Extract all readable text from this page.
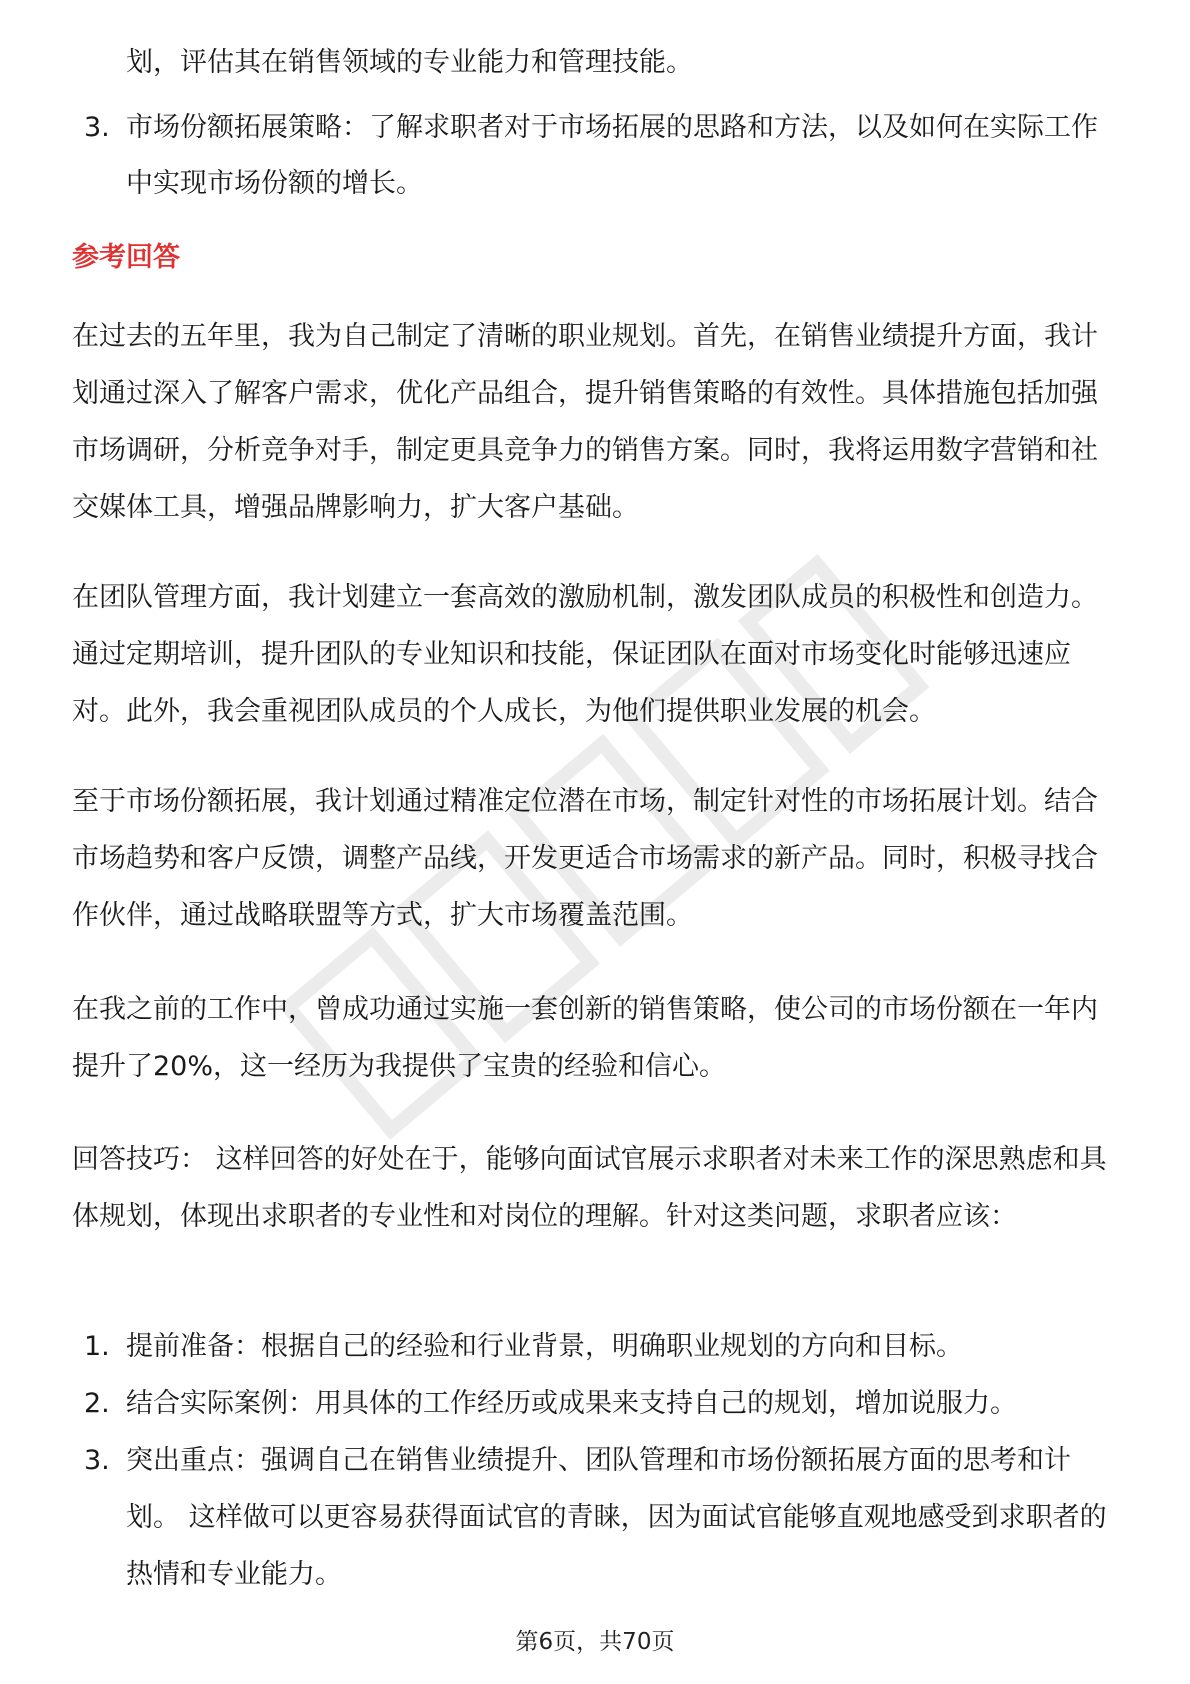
划，评估其在销售领域的专业能力和管理技能。

3. 市场份额拓展策略：了解求职者对于市场拓展的思路和方法，以及如何在实际工作中实现市场份额的增长。
参考回答

在过去的五年里，我为自己制定了清晰的职业规划。首先，在销售业绩提升方面，我计划通过深入了解客户需求，优化产品组合，提升销售策略的有效性。具体措施包括加强市场调研，分析竞争对手，制定更具竞争力的销售方案。同时，我将运用数字营销和社交媒体工具，增强品牌影响力，扩大客户基础。

在团队管理方面，我计划建立一套高效的激励机制，激发团队成员的积极性和创造力。通过定期培训，提升团队的专业知识和技能，保证团队在面对市场变化时能够迅速应对。此外，我会重视团队成员的个人成长，为他们提供职业发展的机会。

至于市场份额拓展，我计划通过精准定位潜在市场，制定针对性的市场拓展计划。结合市场趋势和客户反馈，调整产品线，开发更适合市场需求的新产品。同时，积极寻找合作伙伴，通过战略联盟等方式，扩大市场覆盖范围。

在我之前的工作中，曾成功通过实施一套创新的销售策略，使公司的市场份额在一年内提升了20%，这一经历为我提供了宝贵的经验和信心。

回答技巧： 这样回答的好处在于，能够向面试官展示求职者对未来工作的深思熟虑和具体规划，体现出求职者的专业性和对岗位的理解。针对这类问题，求职者应该：

1. 提前准备：根据自己的经验和行业背景，明确职业规划的方向和目标。
2. 结合实际案例：用具体的工作经历或成果来支持自己的规划，增加说服力。
3. 突出重点：强调自己在销售业绩提升、团队管理和市场份额拓展方面的思考和计划。 这样做可以更容易获得面试官的青睐，因为面试官能够直观地感受到求职者的热情和专业能力。
第6页，共70页
